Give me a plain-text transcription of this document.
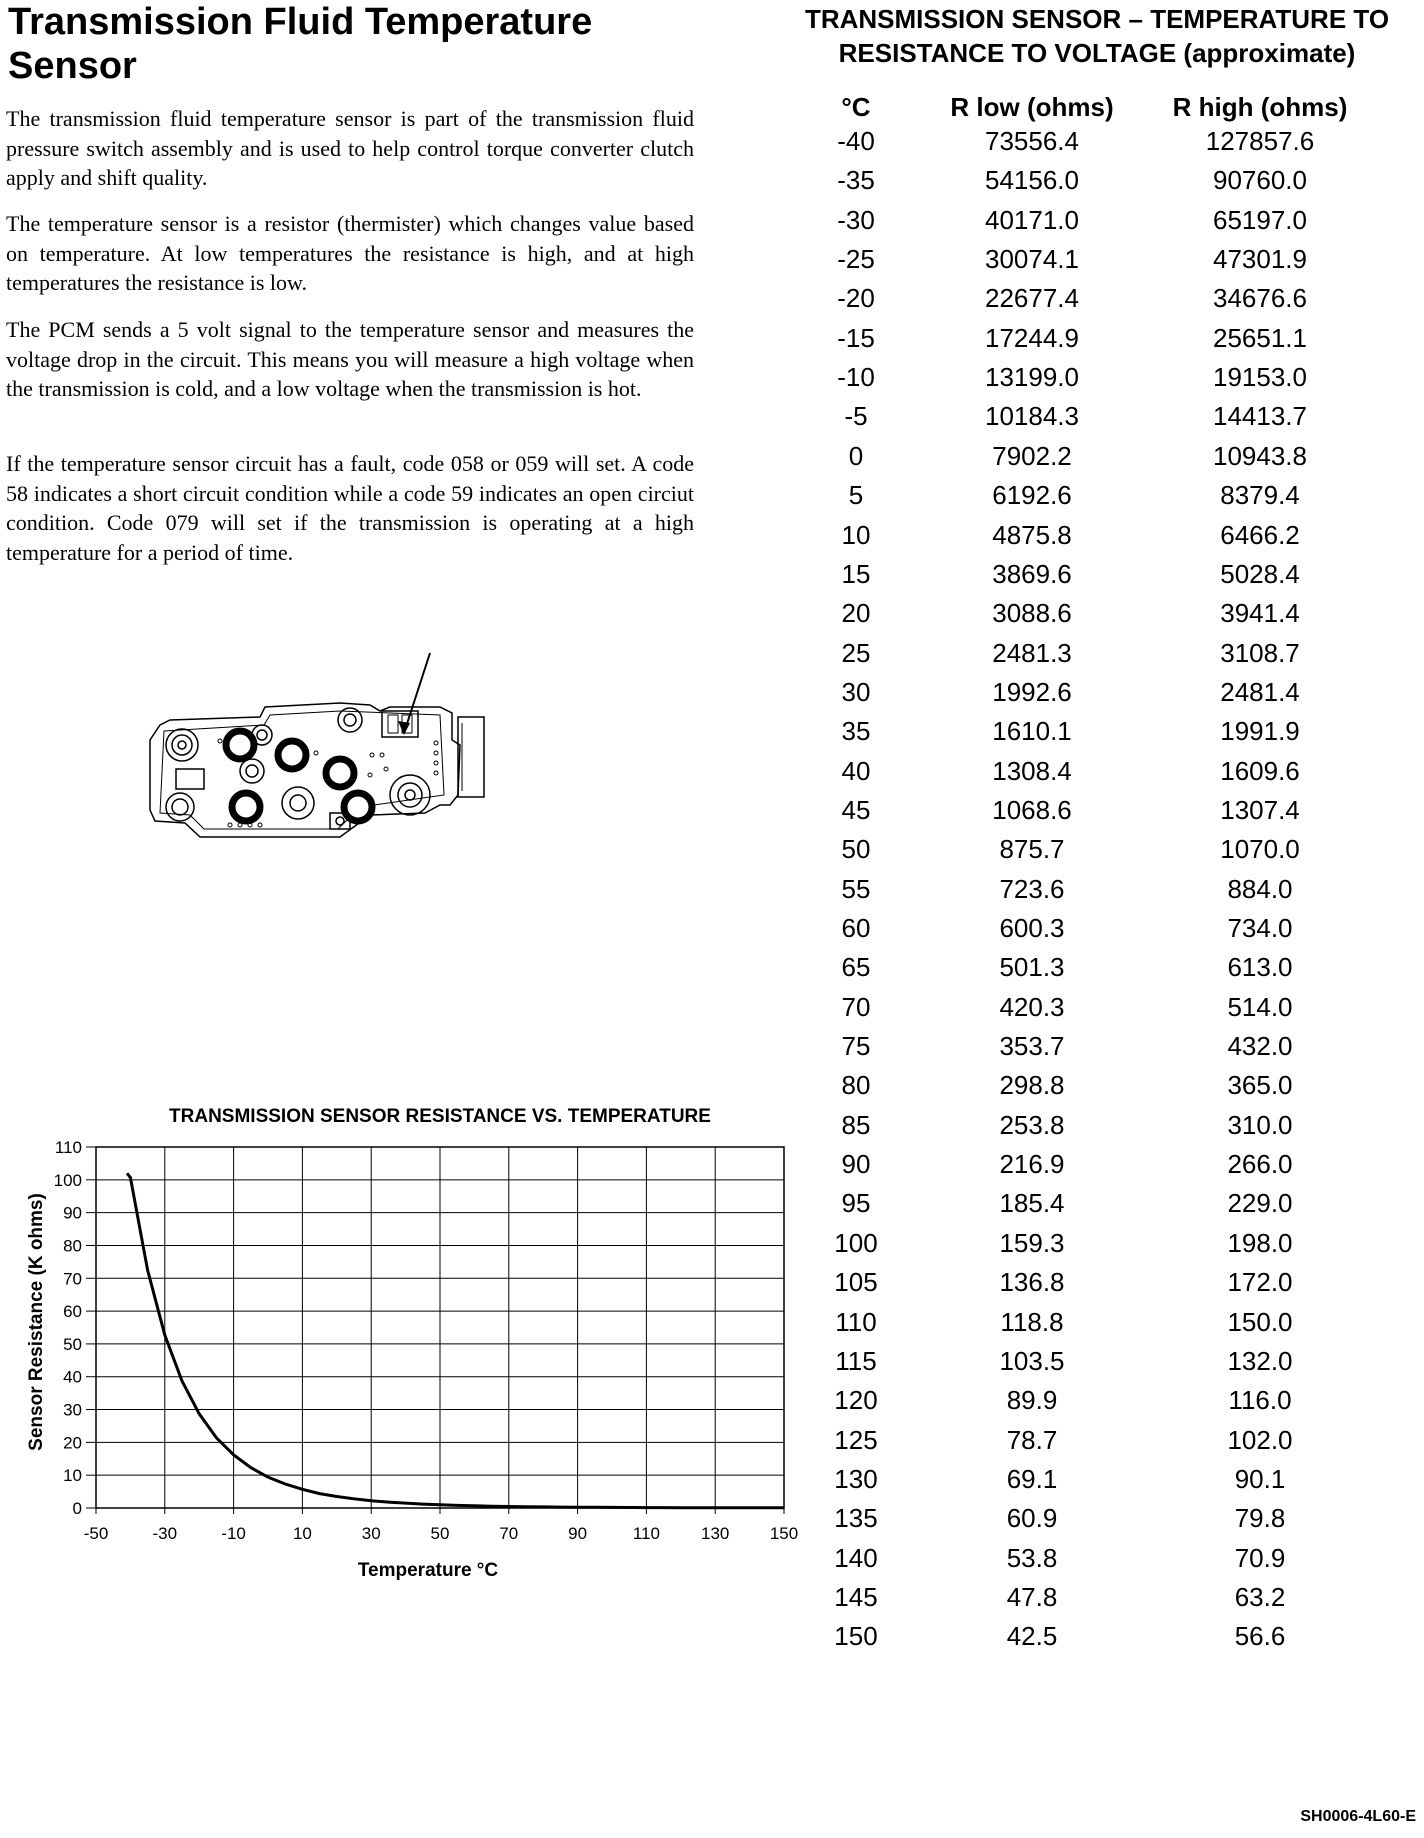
Transmission Fluid Temperature Sensor

The transmission fluid temperature sensor is part of the transmission fluid pressure switch assembly and is used to help control torque converter clutch apply and shift quality.

The temperature sensor is a resistor (thermister) which changes value based on temperature. At low temperatures the resistance is high, and at high temperatures the resistance is low.

The PCM sends a 5 volt signal to the temperature sensor and measures the voltage drop in the circuit. This means you will measure a high voltage when the transmission is cold, and a low voltage when the transmission is hot.

If the temperature sensor circuit has a fault, code 058 or 059 will set. A code 58 indicates a short circuit condition while a code 59 indicates an open circiut condition. Code 079 will set if the transmission is operating at a high temperature for a period of time.

TRANSMISSION SENSOR RESISTANCE VS. TEMPERATURE
0
10
20
30
40
50
60
70
80
90
100
110
-50	-30	-10	10	30	50	70	90	110 130 150
Temperature °C
Sensor Resistance (K ohms)
TRANSMISSION SENSOR – TEMPERATURE TO
RESISTANCE TO VOLTAGE (approximate)
°C	R low (ohms)	R high (ohms)
-40	73556.4	127857.6
-35	54156.0	90760.0
-30	40171.0	65197.0
-25	30074.1	47301.9
-20	22677.4	34676.6
-15	17244.9	25651.1
-10	13199.0	19153.0
-5	10184.3	14413.7
0	7902.2	10943.8
5	6192.6	8379.4
10	4875.8	6466.2
15	3869.6	5028.4
20	3088.6	3941.4
25	2481.3	3108.7
30	1992.6	2481.4
35	1610.1	1991.9
40	1308.4	1609.6
45	1068.6	1307.4
50	875.7	1070.0
55	723.6	884.0
60	600.3	734.0
65	501.3	613.0
70	420.3	514.0
75	353.7	432.0
80	298.8	365.0
85	253.8	310.0
90	216.9	266.0
95	185.4	229.0
100	159.3	198.0
105	136.8	172.0
110	118.8	150.0
115	103.5	132.0
120	89.9	116.0
125	78.7	102.0
130	69.1	90.1
135	60.9	79.8
140	53.8	70.9
145	47.8	63.2
150	42.5	56.6
SH0006-4L60-E
